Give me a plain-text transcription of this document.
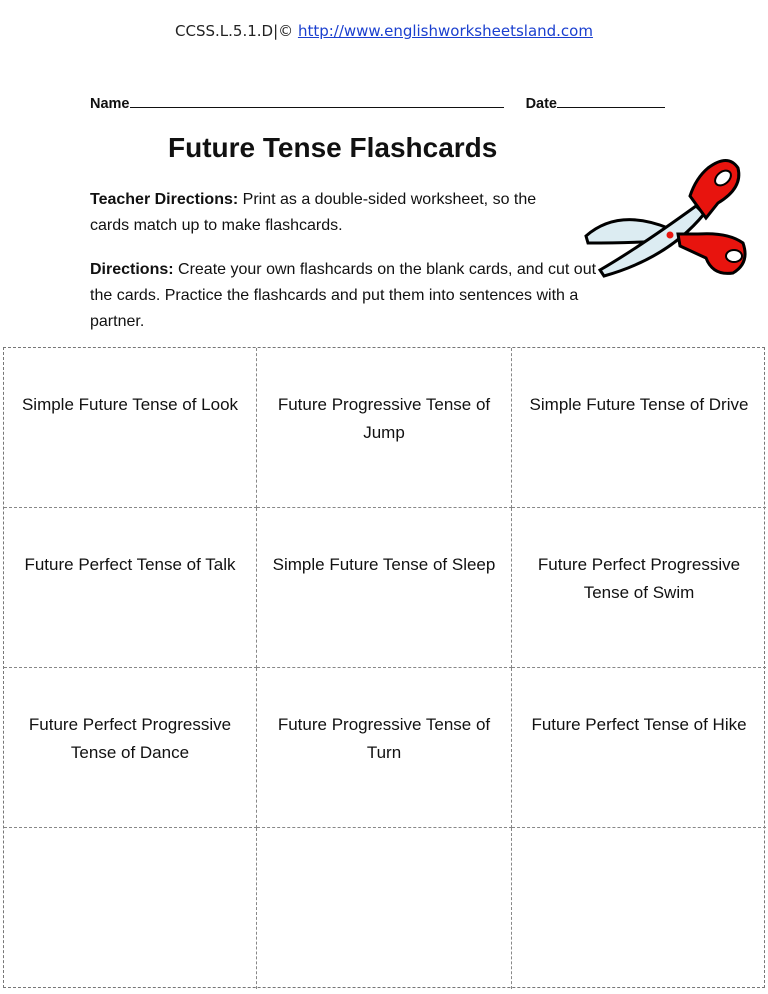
CCSS.L.5.1.D|© http://www.englishworksheetsland.com
Name	Date
Future Tense Flashcards
Teacher Directions: Print as a double-sided worksheet, so the cards match up to make flashcards.
Directions: Create your own flashcards on the blank cards, and cut out the cards. Practice the flashcards and put them into sentences with a partner.
Simple Future Tense of Look	Future Progressive Tense of Jump
Simple Future Tense of Drive
Future Perfect Tense of Talk	Simple Future Tense of Sleep	Future Perfect Progressive Tense of Swim
Future Perfect Progressive Tense of Dance
Future Progressive Tense of Turn
Future Perfect Tense of Hike
